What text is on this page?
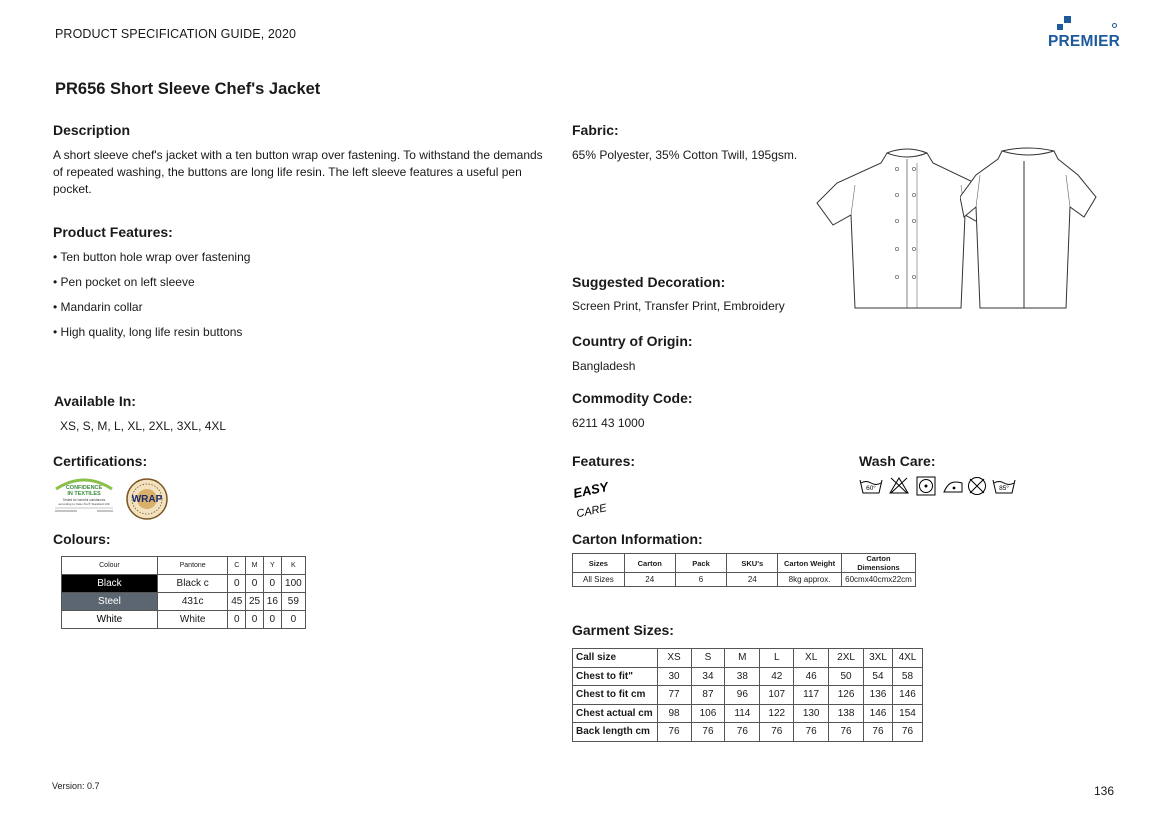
PRODUCT SPECIFICATION GUIDE, 2020	PREMIER
PR656 Short Sleeve Chef's Jacket
Description
A short sleeve chef's jacket with a ten button wrap over fastening. To withstand the demands of repeated washing, the buttons are long life resin. The left sleeve features a useful pen pocket.
Product Features:
• Ten button hole wrap over fastening
• Pen pocket on left sleeve
• Mandarin collar
• High quality, long life resin buttons
Available In:
XS, S, M, L, XL, 2XL, 3XL, 4XL
Certifications:
CONFIDENCE
IN TEXTILES
Tested for harmful substances
according to Oeko-Tex® Standard 100 WRAP
Colours:
Colour	Pantone	C	M	Y	K
Black	Black c	0	0	0	100
Steel	431c	45	25	16	59
White	White	0	0	0	0
Fabric:
65% Polyester, 35% Cotton Twill, 195gsm.
Suggested Decoration:
Screen Print, Transfer Print, Embroidery
Country of Origin:
Bangladesh
Commodity Code:
6211 43 1000
Features:
EASY
CARE
Wash Care:
60°	85°
Carton Information:
Sizes	Carton	Pack	SKU's	Carton Weight	Carton Dimensions
All Sizes	24	6	24	8kg approx.	60cmx40cmx22cm
Garment Sizes:
Call size	XS	S	M	L	XL	2XL	3XL	4XL
Chest to fit"	30	34	38	42	46	50	54	58
Chest to fit cm	77	87	96	107	117	126	136	146
Chest actual cm	98	106	114	122	130	138	146	154
Back length cm	76	76	76	76	76	76	76	76
Version: 0.7	136
